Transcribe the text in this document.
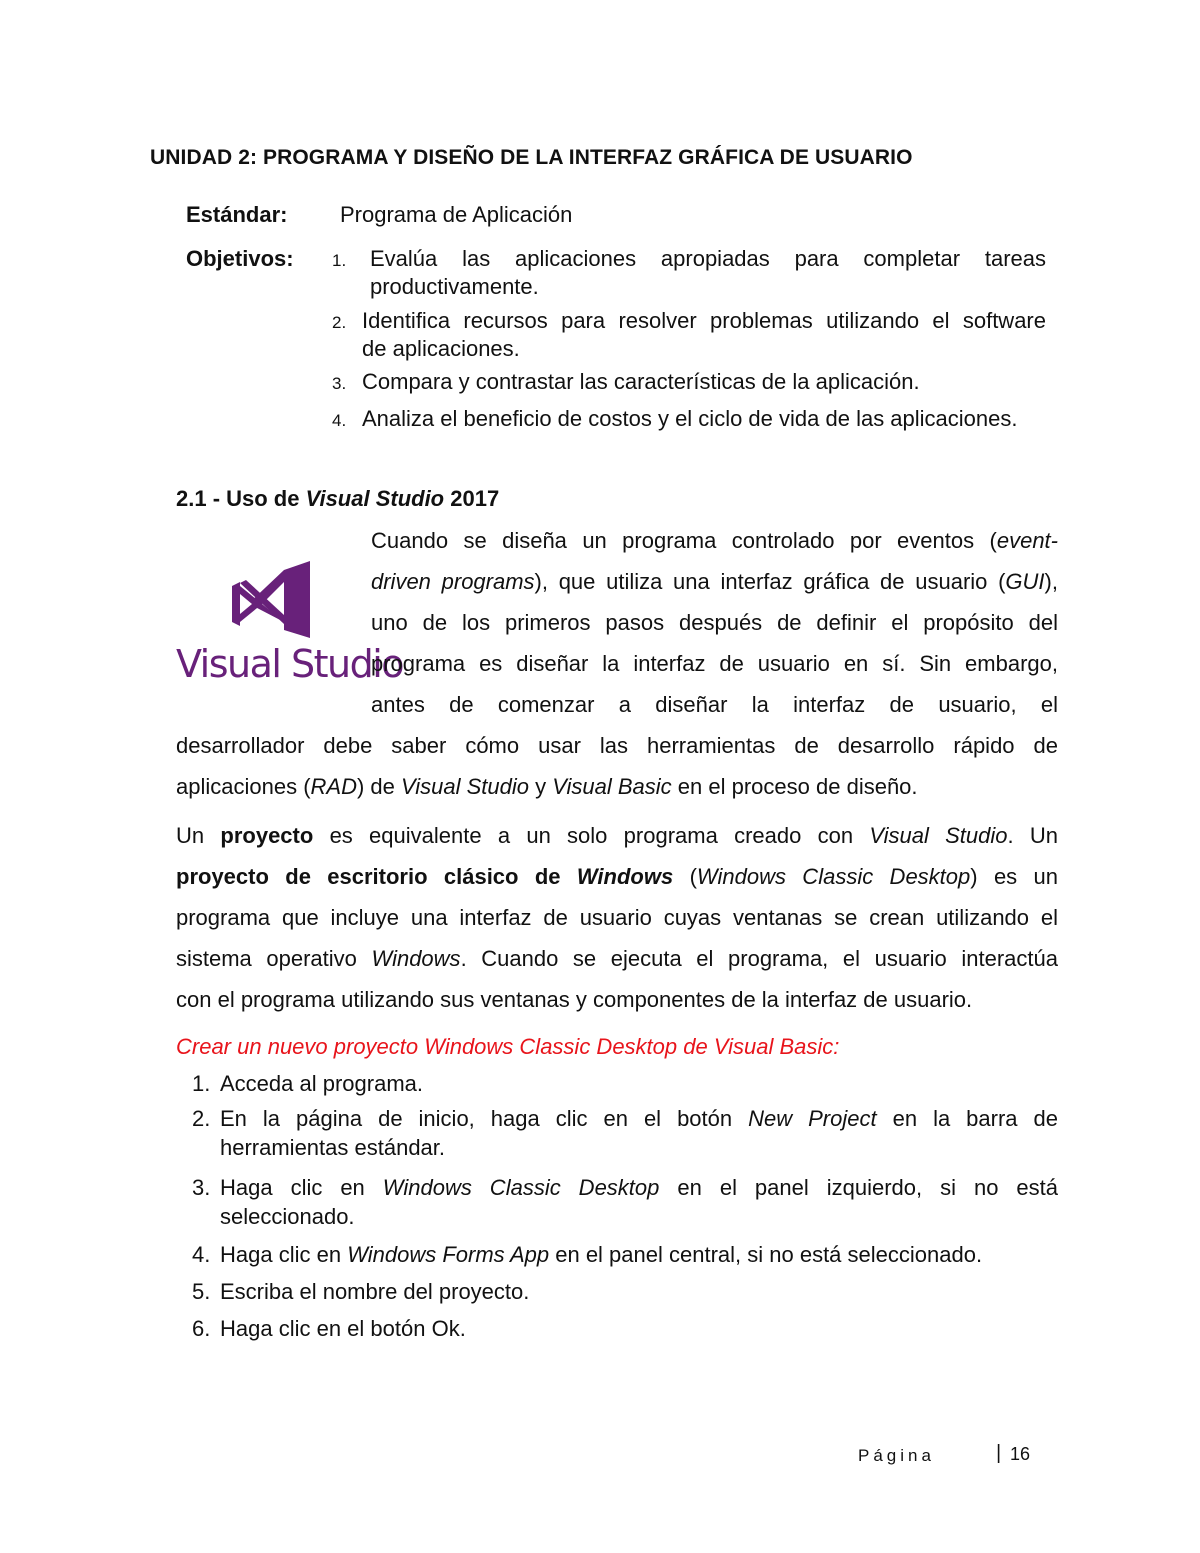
UNIDAD 2: PROGRAMA Y DISEÑO DE LA INTERFAZ GRÁFICA DE USUARIO
Estándar: Programa de Aplicación
Objetivos: 1. Evalúa las aplicaciones apropiadas para completar tareas
productivamente.
2. Identifica recursos para resolver problemas utilizando el software
de aplicaciones.
3. Compara y contrastar las características de la aplicación.
4. Analiza el beneficio de costos y el ciclo de vida de las aplicaciones.
2.1 - Uso de Visual Studio 2017
Visual Studio
Cuando se diseña un programa controlado por eventos (event-
driven programs), que utiliza una interfaz gráfica de usuario (GUI),
uno de los primeros pasos después de definir el propósito del
programa es diseñar la interfaz de usuario en sí. Sin embargo,
antes de comenzar a diseñar la interfaz de usuario, el
desarrollador debe saber cómo usar las herramientas de desarrollo rápido de
aplicaciones (RAD) de Visual Studio y Visual Basic en el proceso de diseño.
Un proyecto es equivalente a un solo programa creado con Visual Studio. Un
proyecto de escritorio clásico de Windows (Windows Classic Desktop) es un
programa que incluye una interfaz de usuario cuyas ventanas se crean utilizando el
sistema operativo Windows. Cuando se ejecuta el programa, el usuario interactúa
con el programa utilizando sus ventanas y componentes de la interfaz de usuario.
Crear un nuevo proyecto Windows Classic Desktop de Visual Basic:
1. Acceda al programa.
2. En la página de inicio, haga clic en el botón New Project en la barra de
herramientas estándar.
3. Haga clic en Windows Classic Desktop en el panel izquierdo, si no está
seleccionado.
4. Haga clic en Windows Forms App en el panel central, si no está seleccionado.
5. Escriba el nombre del proyecto.
6. Haga clic en el botón Ok.
Página	| 16
